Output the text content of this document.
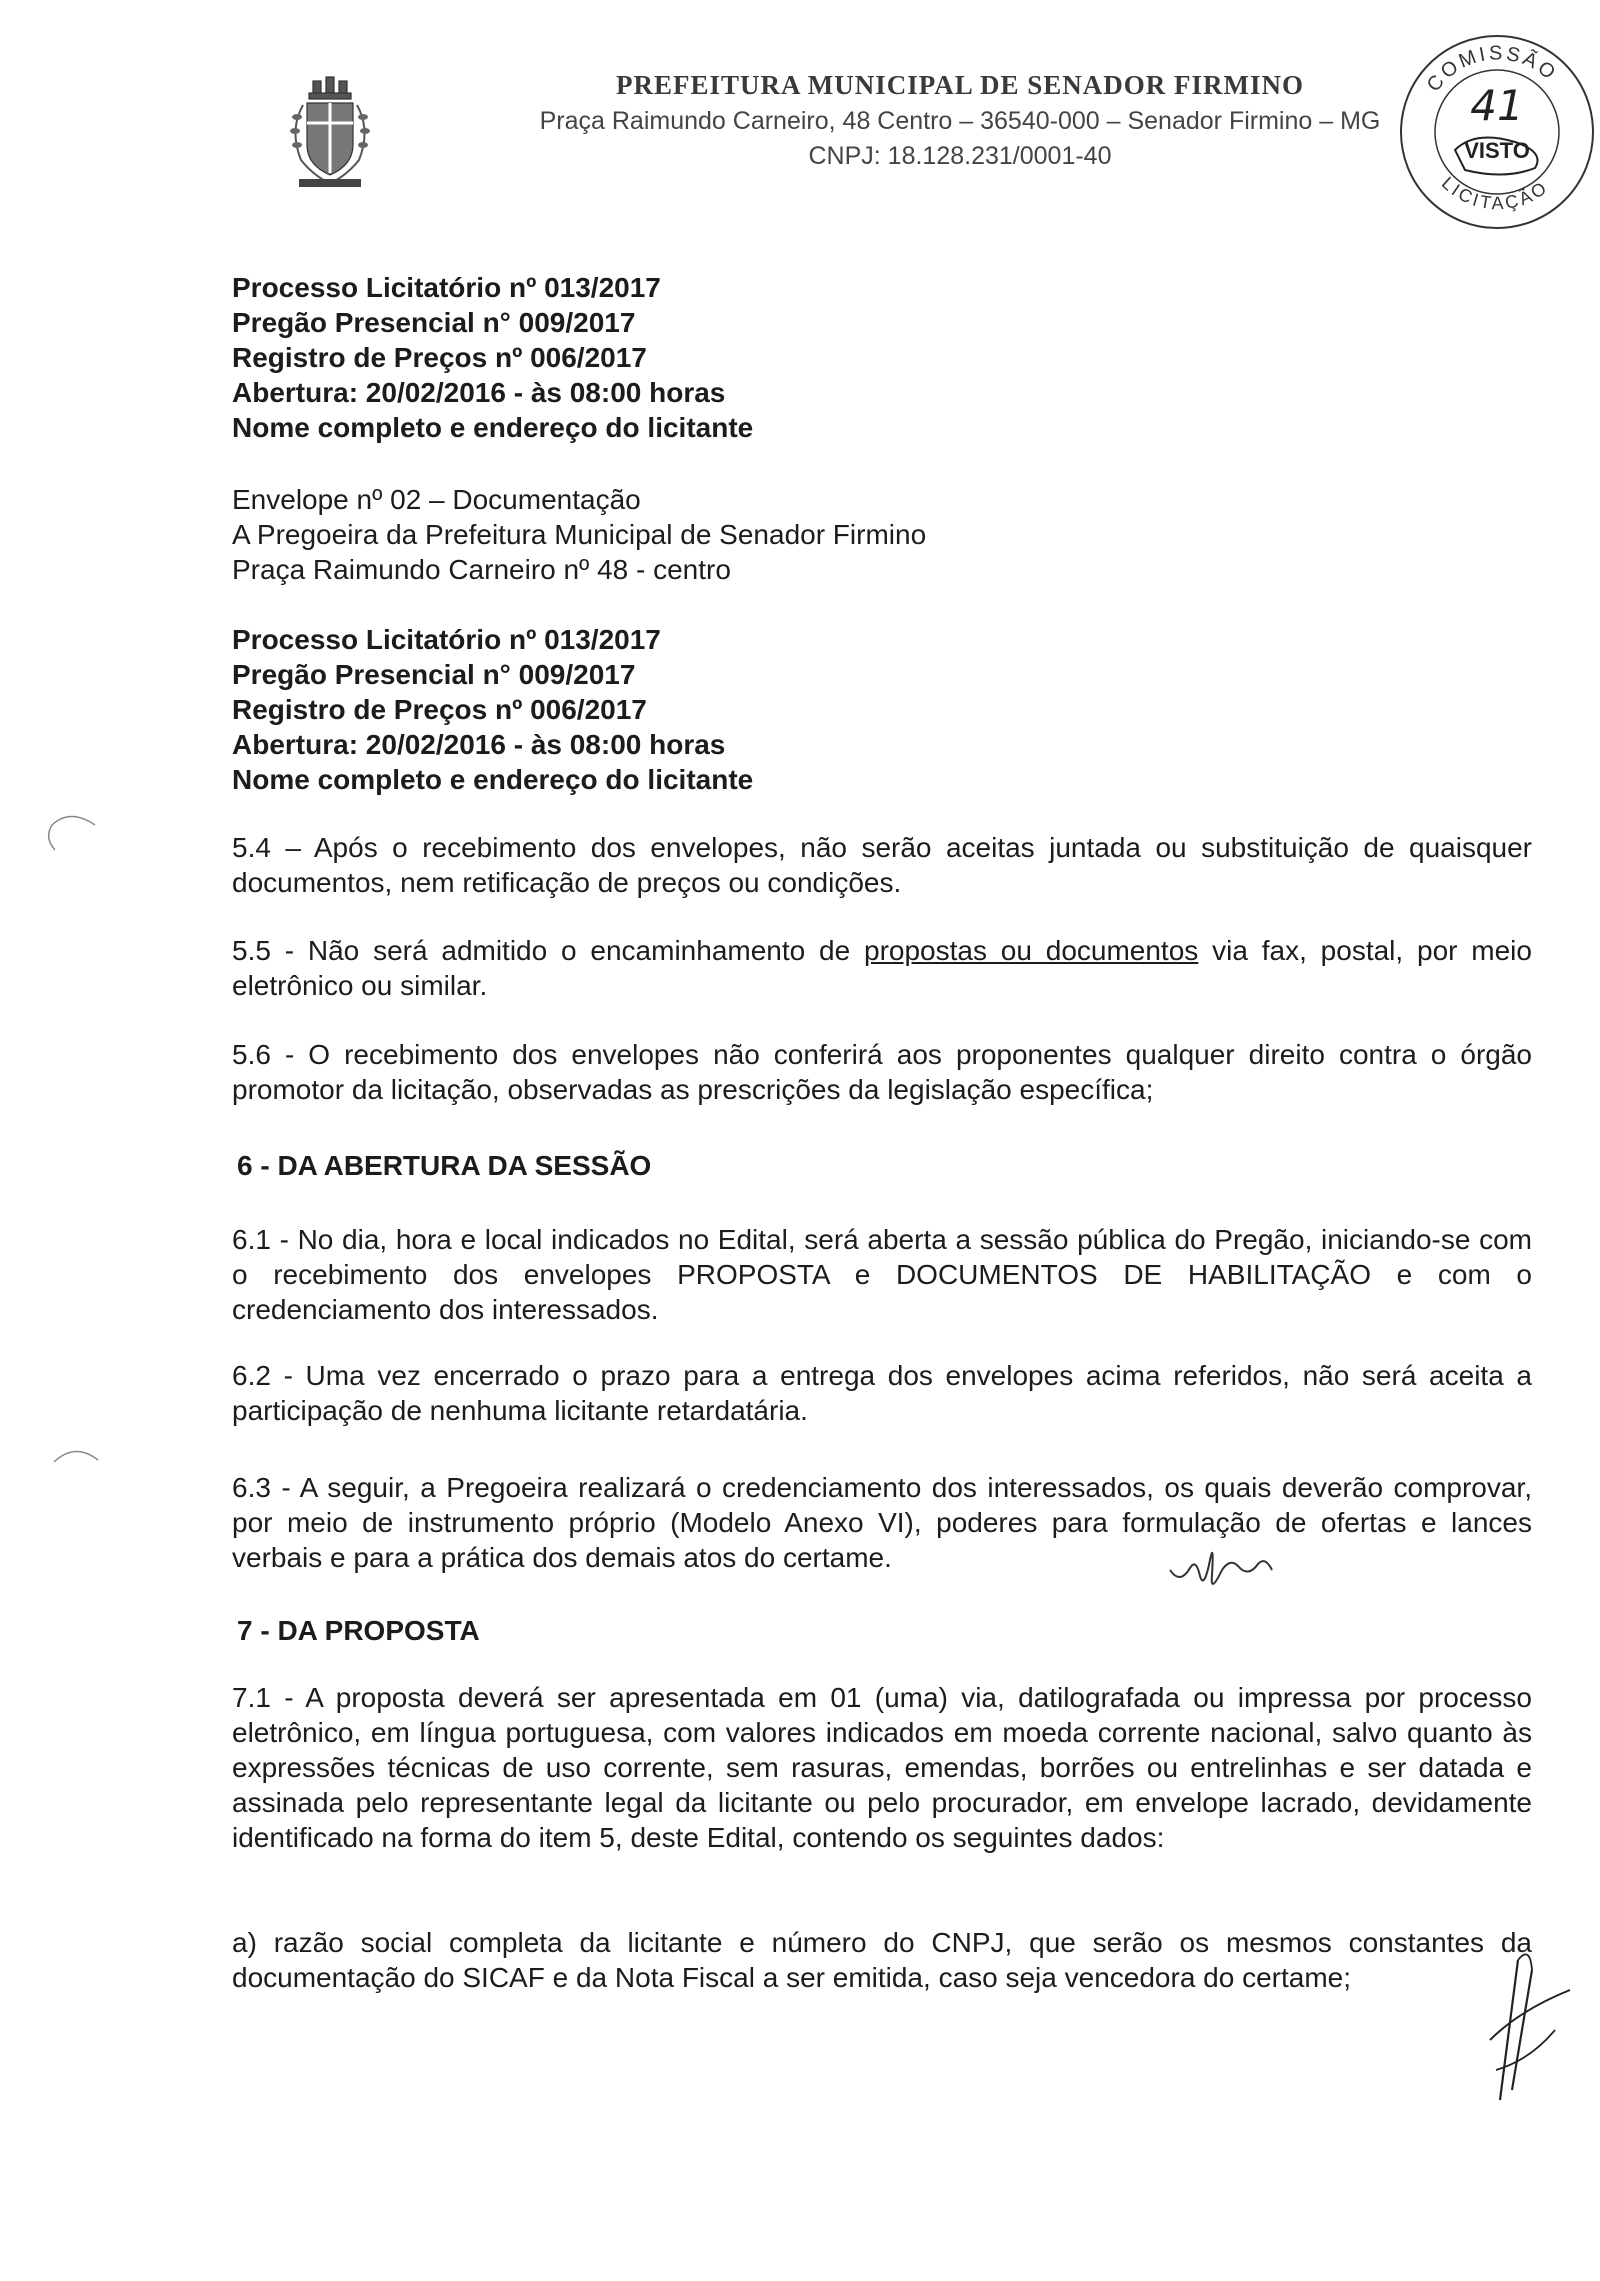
PREFEITURA MUNICIPAL DE SENADOR FIRMINO
Praça Raimundo Carneiro, 48 Centro – 36540-000 – Senador Firmino – MG
CNPJ: 18.128.231/0001-40
COMISSÃO
LICITAÇÃO
41
VISTO
Processo Licitatório nº 013/2017
Pregão Presencial n° 009/2017
Registro de Preços nº 006/2017
Abertura: 20/02/2016 - às 08:00 horas
Nome completo e endereço do licitante
Envelope nº 02 – Documentação
A Pregoeira da Prefeitura Municipal de Senador Firmino
Praça Raimundo Carneiro nº 48 - centro
Processo Licitatório nº 013/2017
Pregão Presencial n° 009/2017
Registro de Preços nº 006/2017
Abertura: 20/02/2016 - às 08:00 horas
Nome completo e endereço do licitante
5.4 – Após o recebimento dos envelopes, não serão aceitas juntada ou substituição de quaisquer documentos, nem retificação de preços ou condições.
5.5 - Não será admitido o encaminhamento de propostas ou documentos via fax, postal, por meio eletrônico ou similar.
5.6 - O recebimento dos envelopes não conferirá aos proponentes qualquer direito contra o órgão promotor da licitação, observadas as prescrições da legislação específica;
6 - DA ABERTURA DA SESSÃO
6.1 - No dia, hora e local indicados no Edital, será aberta a sessão pública do Pregão, iniciando-se com o recebimento dos envelopes PROPOSTA e DOCUMENTOS DE HABILITAÇÃO e com o credenciamento dos interessados.
6.2 - Uma vez encerrado o prazo para a entrega dos envelopes acima referidos, não será aceita a participação de nenhuma licitante retardatária.
6.3 - A seguir, a Pregoeira realizará o credenciamento dos interessados, os quais deverão comprovar, por meio de instrumento próprio (Modelo Anexo VI), poderes para formulação de ofertas e lances verbais e para a prática dos demais atos do certame.
7 - DA PROPOSTA
7.1 - A proposta deverá ser apresentada em 01 (uma) via, datilografada ou impressa por processo eletrônico, em língua portuguesa, com valores indicados em moeda corrente nacional, salvo quanto às expressões técnicas de uso corrente, sem rasuras, emendas, borrões ou entrelinhas e ser datada e assinada pelo representante legal da licitante ou pelo procurador, em envelope lacrado, devidamente identificado na forma do item 5, deste Edital, contendo os seguintes dados:
a) razão social completa da licitante e número do CNPJ, que serão os mesmos constantes da documentação do SICAF e da Nota Fiscal a ser emitida, caso seja vencedora do certame;
